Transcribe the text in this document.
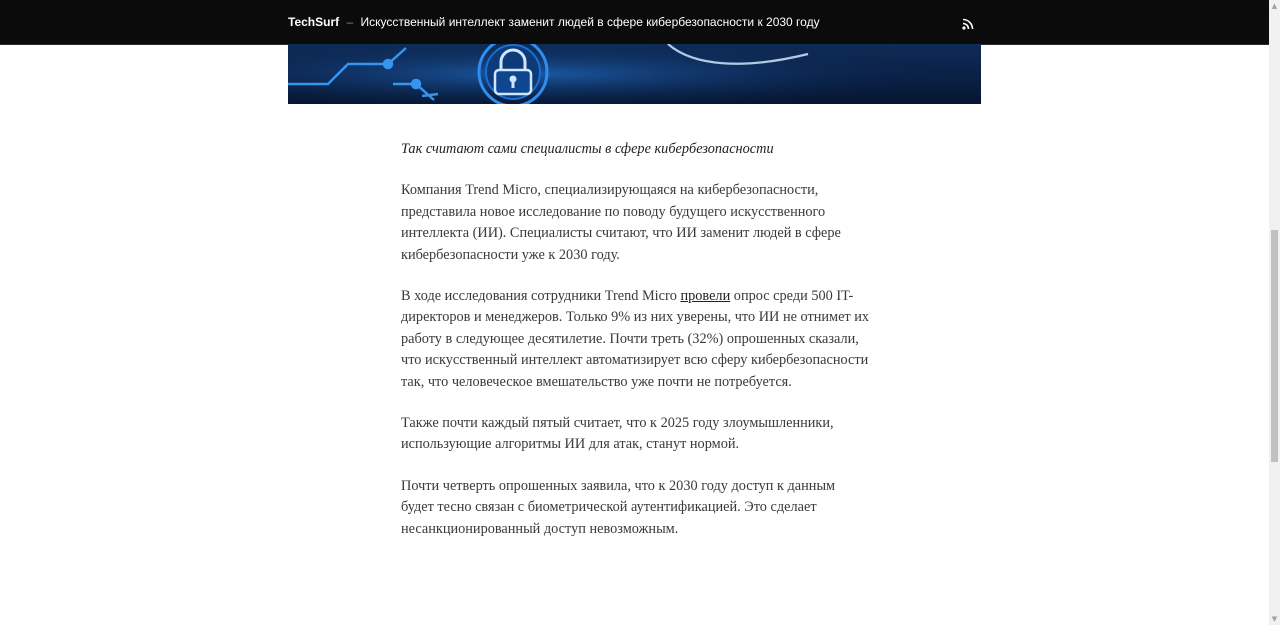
TechSurf – Искусственный интеллект заменит людей в сфере кибербезопасности к 2030 году

Так считают сами специалисты в сфере кибербезопасности

Компания Trend Micro, специализирующаяся на кибербезопасности, представила новое исследование по поводу будущего искусственного интеллекта (ИИ). Специалисты считают, что ИИ заменит людей в сфере кибербезопасности уже к 2030 году.

В ходе исследования сотрудники Trend Micro провели опрос среди 500 IT-директоров и менеджеров. Только 9% из них уверены, что ИИ не отнимет их работу в следующее десятилетие. Почти треть (32%) опрошенных сказали, что искусственный интеллект автоматизирует всю сферу кибербезопасности так, что человеческое вмешательство уже почти не потребуется.

Также почти каждый пятый считает, что к 2025 году злоумышленники, использующие алгоритмы ИИ для атак, станут нормой.

Почти четверть опрошенных заявила, что к 2030 году доступ к данным будет тесно связан с биометрической аутентификацией. Это сделает несанкционированный доступ невозможным.

▲
▼
